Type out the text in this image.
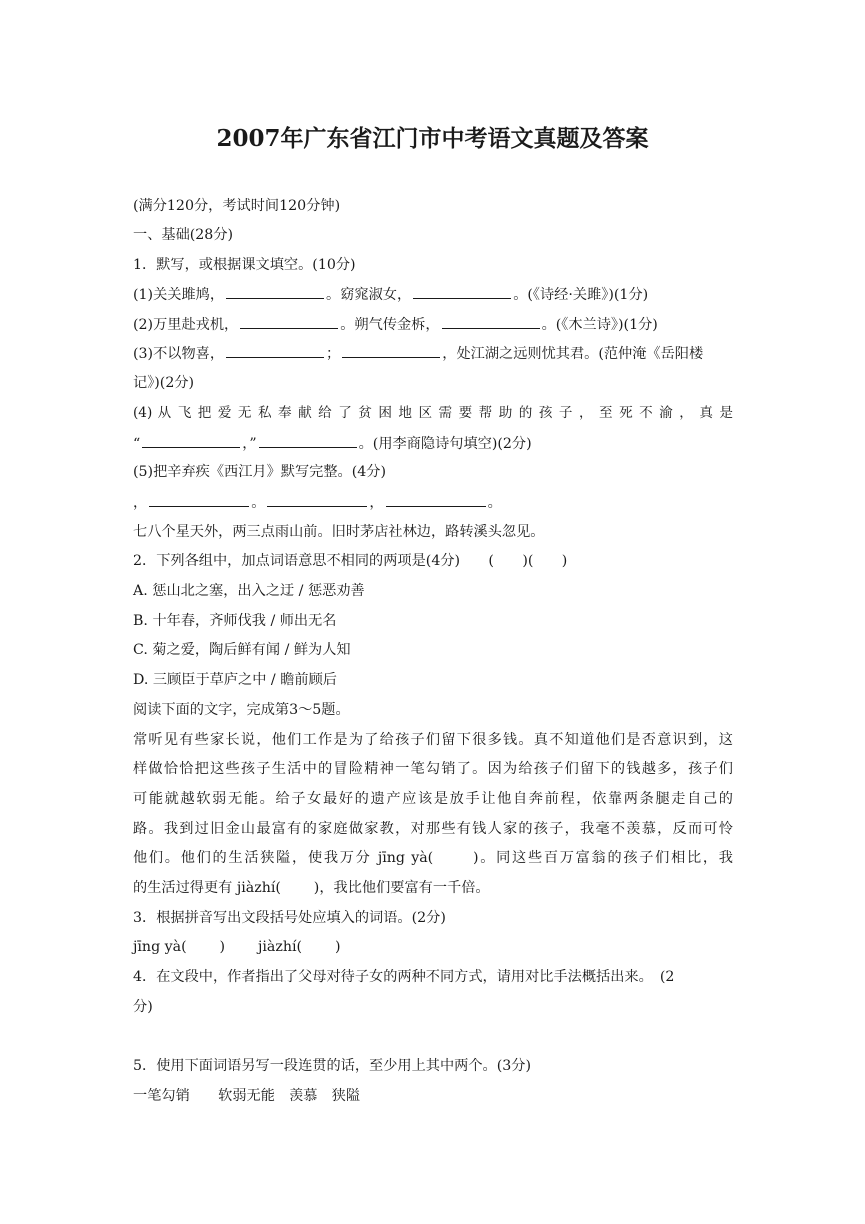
2007年广东省江门市中考语文真题及答案
(满分120分，考试时间120分钟)
一、基础(28分)
1．默写，或根据课文填空。(10分)
(1)关关雎鸠，	。窈窕淑女，	。(《诗经·关雎》)(1分)
(2)万里赴戎机，	。朔气传金柝，	。(《木兰诗》)(1分)
(3)不以物喜，	；	，处江湖之远则忧其君。(范仲淹《岳阳楼
记》)(2分)
(4) 从 飞 把 爱 无 私 奉 献 给 了 贫 困 地 区 需 要 帮 助 的 孩 子 ， 至 死 不 渝 ， 真 是
“	，”	。(用李商隐诗句填空)(2分)
(5)把辛弃疾《西江月》默写完整。(4分)
，	。	，	。
七八个星天外，两三点雨山前。旧时茅店社林边，路转溪头忽见。
2．下列各组中，加点词语意思不相同的两项是(4分)　　(　　)(　　)
A. 惩山北之塞，出入之迂 / 惩恶劝善
B. 十年春，齐师伐我 / 师出无名
C. 菊之爱，陶后鲜有闻 / 鲜为人知
D. 三顾臣于草庐之中 / 瞻前顾后
阅读下面的文字，完成第3～5题。
常听见有些家长说，他们工作是为了给孩子们留下很多钱。真不知道他们是否意识到，这
样做恰恰把这些孩子生活中的冒险精神一笔勾销了。因为给孩子们留下的钱越多，孩子们
可能就越软弱无能。给子女最好的遗产应该是放手让他自奔前程，依靠两条腿走自己的
路。我到过旧金山最富有的家庭做家教，对那些有钱人家的孩子，我毫不羡慕，反而可怜
他们。他们的生活狭隘，使我万分 jīng yà(　　 )。同这些百万富翁的孩子们相比，我
的生活过得更有 jiàzhí(　　 )，我比他们要富有一千倍。
3．根据拼音写出文段括号处应填入的词语。(2分)
jīng yà(　　 )　　 jiàzhí(　　 )
4．在文段中，作者指出了父母对待子女的两种不同方式，请用对比手法概括出来。　(2
分)
5．使用下面词语另写一段连贯的话，至少用上其中两个。(3分)
一笔勾销　　软弱无能　羡慕　狭隘
